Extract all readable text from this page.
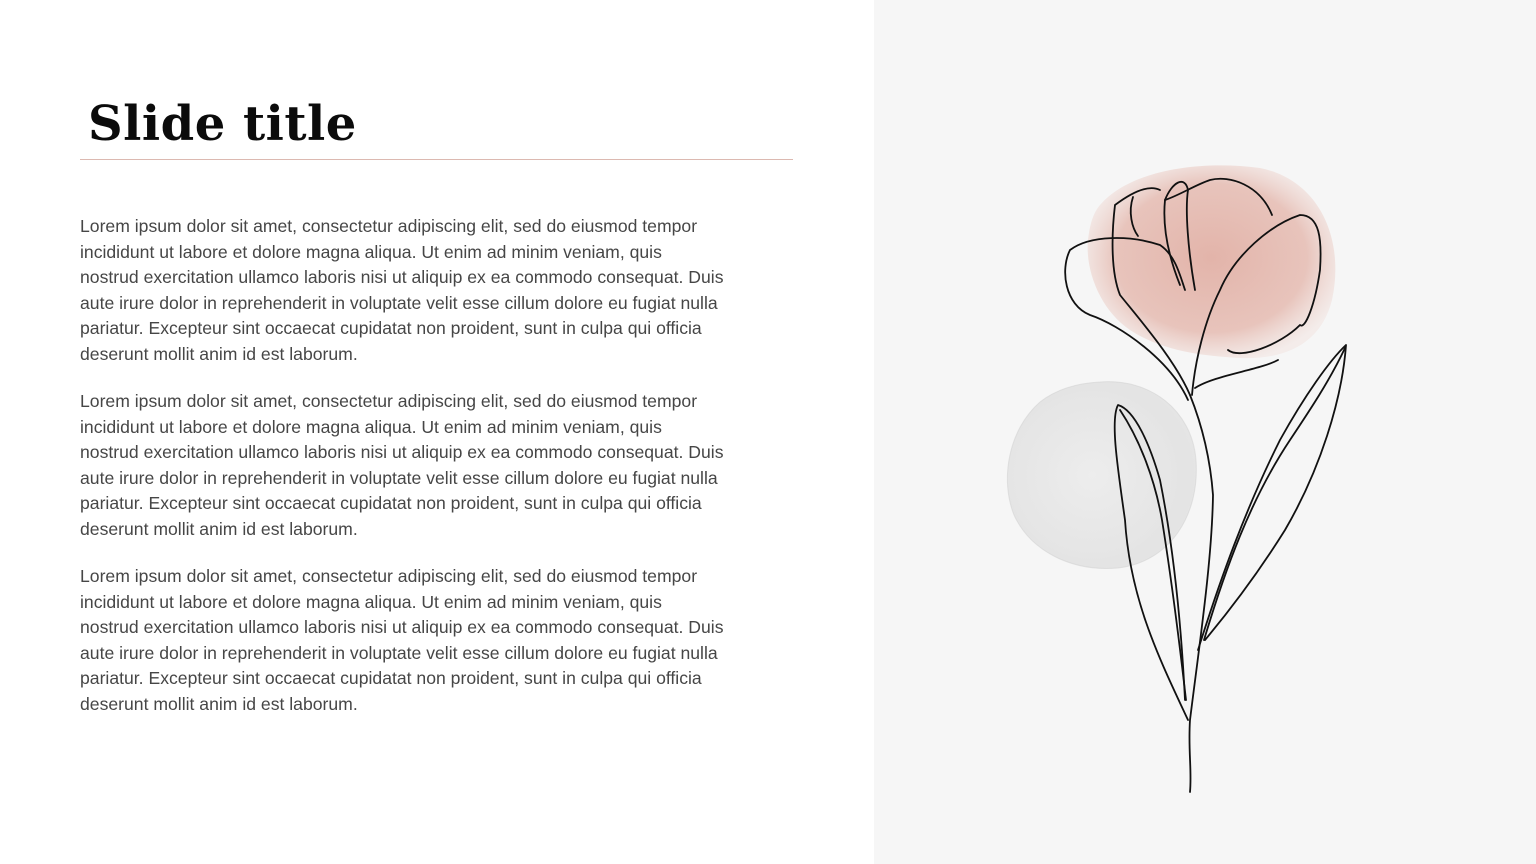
Slide title

Lorem ipsum dolor sit amet, consectetur adipiscing elit, sed do eiusmod tempor
incididunt ut labore et dolore magna aliqua. Ut enim ad minim veniam, quis
nostrud exercitation ullamco laboris nisi ut aliquip ex ea commodo consequat. Duis
aute irure dolor in reprehenderit in voluptate velit esse cillum dolore eu fugiat nulla
pariatur. Excepteur sint occaecat cupidatat non proident, sunt in culpa qui officia
deserunt mollit anim id est laborum.

Lorem ipsum dolor sit amet, consectetur adipiscing elit, sed do eiusmod tempor
incididunt ut labore et dolore magna aliqua. Ut enim ad minim veniam, quis
nostrud exercitation ullamco laboris nisi ut aliquip ex ea commodo consequat. Duis
aute irure dolor in reprehenderit in voluptate velit esse cillum dolore eu fugiat nulla
pariatur. Excepteur sint occaecat cupidatat non proident, sunt in culpa qui officia
deserunt mollit anim id est laborum.

Lorem ipsum dolor sit amet, consectetur adipiscing elit, sed do eiusmod tempor
incididunt ut labore et dolore magna aliqua. Ut enim ad minim veniam, quis
nostrud exercitation ullamco laboris nisi ut aliquip ex ea commodo consequat. Duis
aute irure dolor in reprehenderit in voluptate velit esse cillum dolore eu fugiat nulla
pariatur. Excepteur sint occaecat cupidatat non proident, sunt in culpa qui officia
deserunt mollit anim id est laborum.
